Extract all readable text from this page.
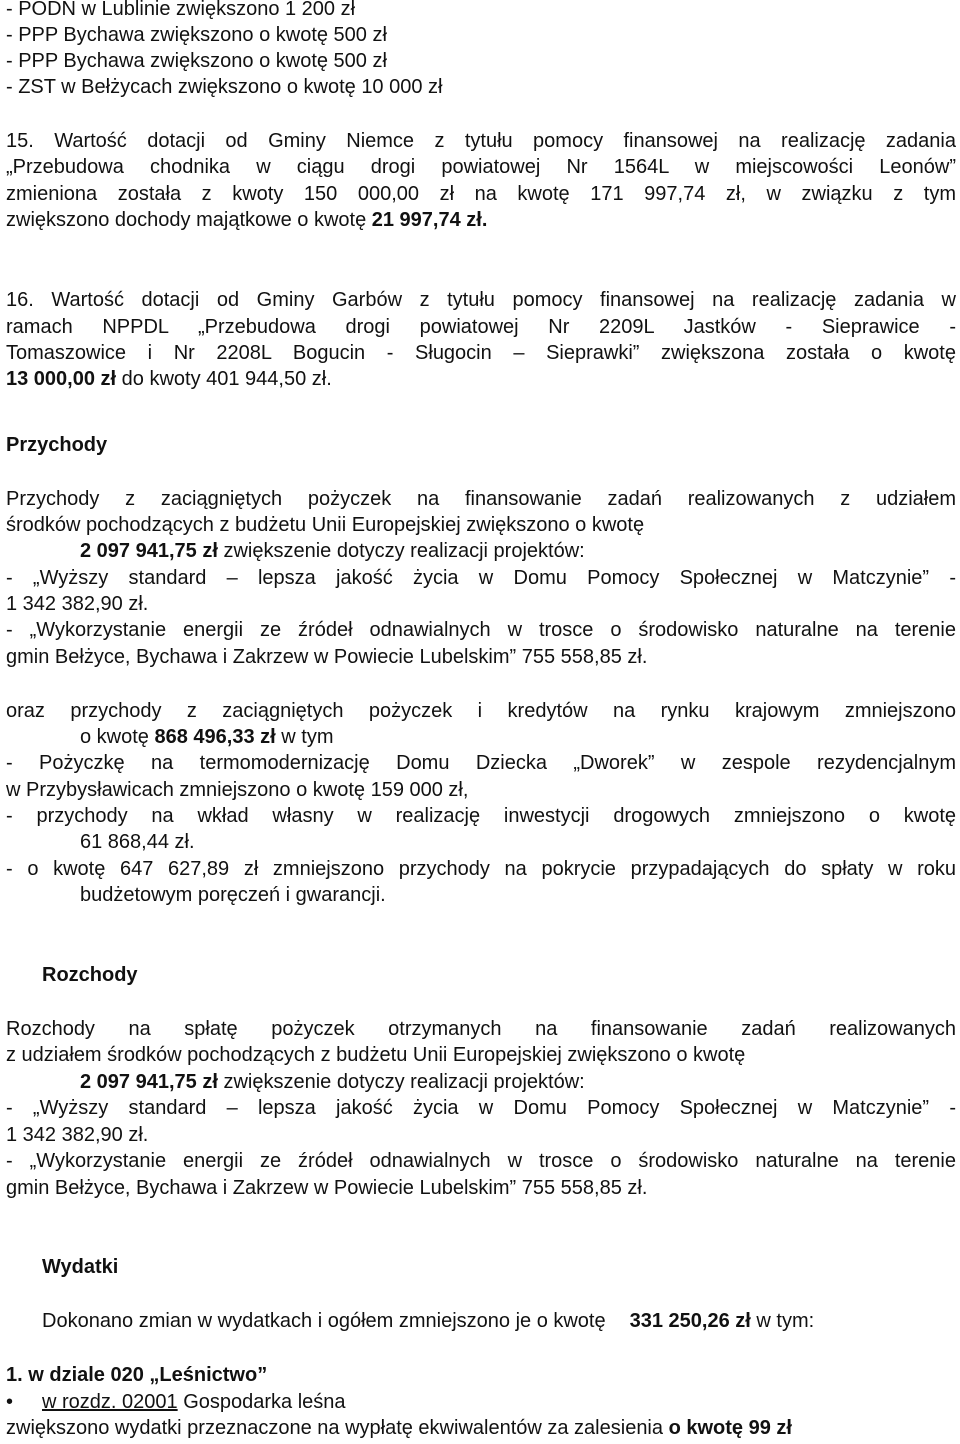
- PODN w Lublinie zwiększono 1 200 zł

- PPP Bychawa zwiększono o kwotę 500 zł

- PPP Bychawa zwiększono o kwotę 500 zł

- ZST w Bełżycach zwiększono o kwotę 10 000 zł

15. Wartość dotacji od Gminy Niemce z tytułu pomocy finansowej na realizację zadania

„Przebudowa chodnika w ciągu drogi powiatowej Nr 1564L w miejscowości Leonów”

zmieniona została z kwoty 150 000,00 zł na kwotę 171 997,74 zł, w związku z tym

zwiększono dochody majątkowe o kwotę 21 997,74 zł.

16. Wartość dotacji od Gminy Garbów z tytułu pomocy finansowej na realizację zadania w

ramach NPPDL „Przebudowa drogi powiatowej Nr 2209L Jastków - Sieprawice -

Tomaszowice i Nr 2208L Bogucin - Sługocin – Sieprawki” zwiększona została o kwotę

13 000,00 zł do kwoty 401 944,50 zł.

Przychody

Przychody z zaciągniętych pożyczek na finansowanie zadań realizowanych z udziałem

środków pochodzących z budżetu Unii Europejskiej zwiększono o kwotę

2 097 941,75 zł zwiększenie dotyczy realizacji projektów:

- „Wyższy standard – lepsza jakość życia w Domu Pomocy Społecznej w Matczynie” -

1 342 382,90 zł.

- „Wykorzystanie energii ze źródeł odnawialnych w trosce o środowisko naturalne na terenie

gmin Bełżyce, Bychawa i Zakrzew w Powiecie Lubelskim” 755 558,85 zł.

oraz przychody z zaciągniętych pożyczek i kredytów na rynku krajowym zmniejszono

o kwotę 868 496,33 zł w tym

- Pożyczkę na termomodernizację Domu Dziecka „Dworek” w zespole rezydencjalnym

w Przybysławicach zmniejszono o kwotę 159 000 zł,

- przychody na wkład własny w realizację inwestycji drogowych zmniejszono o kwotę

61 868,44 zł.

- o kwotę 647 627,89 zł zmniejszono przychody na pokrycie przypadających do spłaty w roku

budżetowym poręczeń i gwarancji.

Rozchody

Rozchody na spłatę pożyczek otrzymanych na finansowanie zadań realizowanych

z udziałem środków pochodzących z budżetu Unii Europejskiej zwiększono o kwotę

2 097 941,75 zł zwiększenie dotyczy realizacji projektów:

- „Wyższy standard – lepsza jakość życia w Domu Pomocy Społecznej w Matczynie” -

1 342 382,90 zł.

- „Wykorzystanie energii ze źródeł odnawialnych w trosce o środowisko naturalne na terenie

gmin Bełżyce, Bychawa i Zakrzew w Powiecie Lubelskim” 755 558,85 zł.

Wydatki

Dokonano zmian w wydatkach i ogółem zmniejszono je o kwotę 331 250,26 zł w tym:

1. w dziale 020 „Leśnictwo”

•	w rozdz. 02001 Gospodarka leśna

zwiększono wydatki przeznaczone na wypłatę ekwiwalentów za zalesienia o kwotę 99 zł
